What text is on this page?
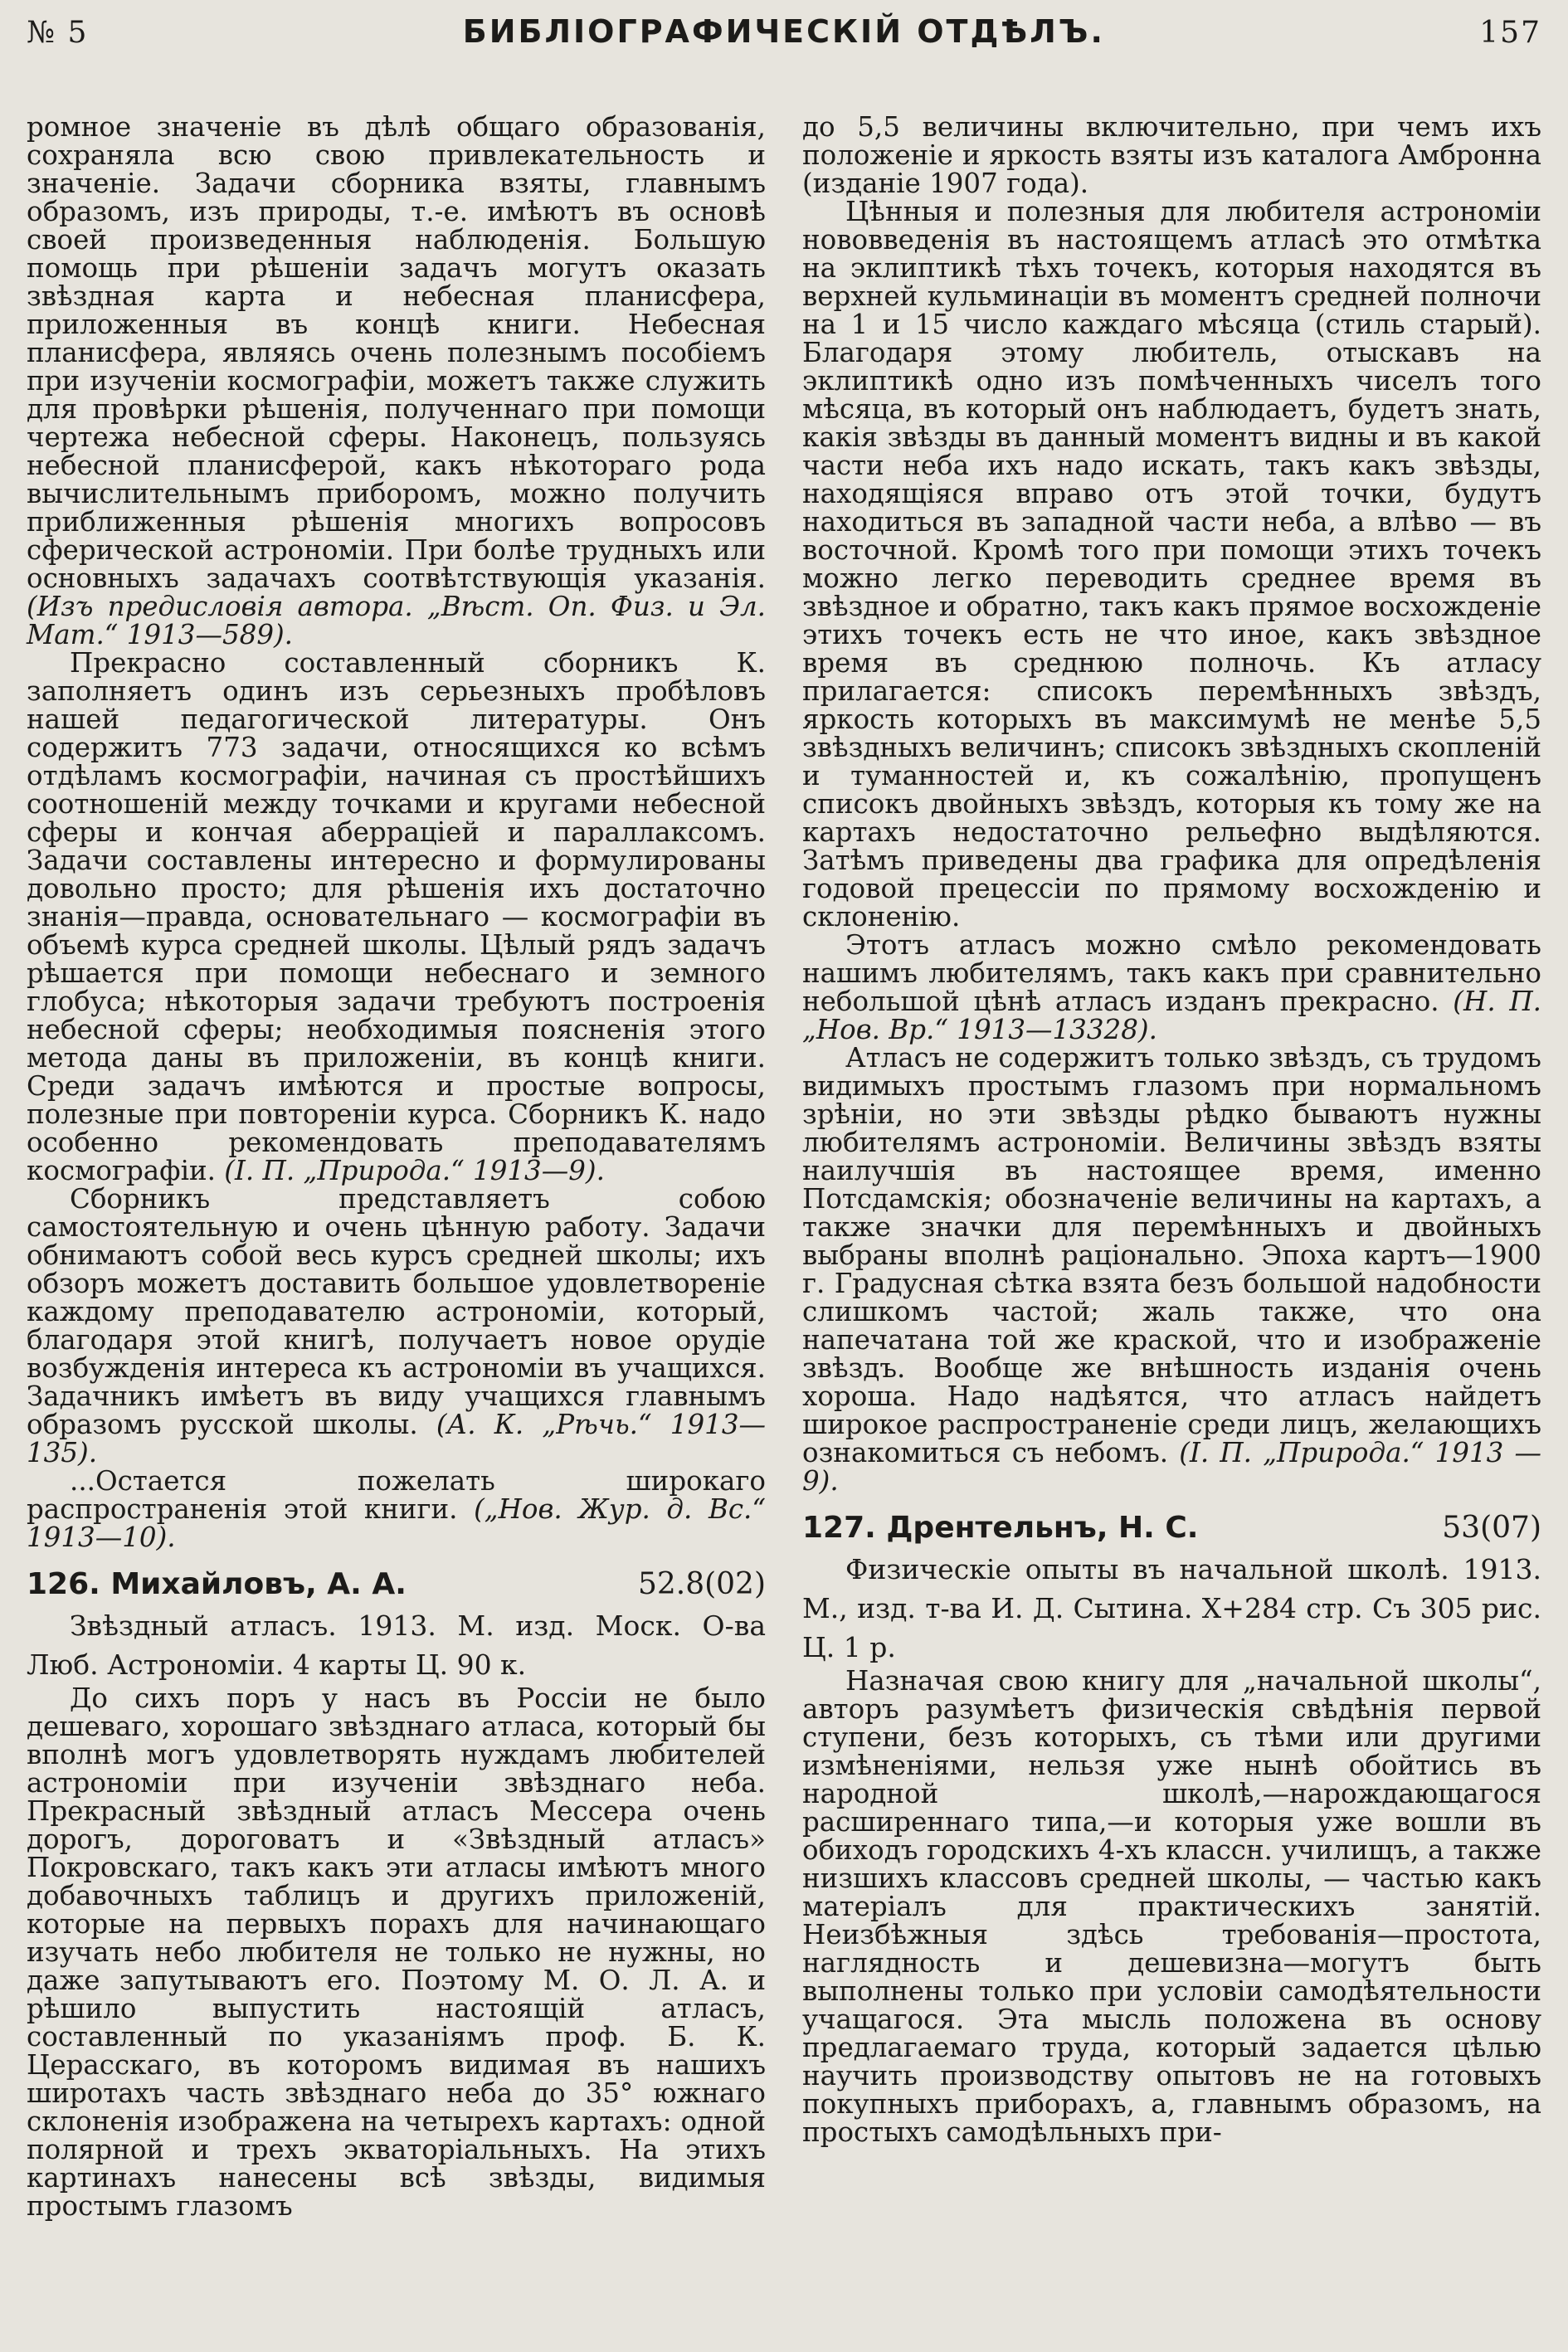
№ 5	БИБЛІОГРАФИЧЕСКІЙ ОТДѢЛЪ.	157

ромное значеніе въ дѣлѣ общаго образованія, сохраняла всю свою привлекательность и значеніе. Задачи сборника взяты, главнымъ образомъ, изъ природы, т.-е. имѣютъ въ основѣ своей произведенныя наблюденія. Большую помощь при рѣшеніи задачъ могутъ оказать звѣздная карта и небесная планисфера, приложенныя въ концѣ книги. Небесная планисфера, являясь очень полезнымъ пособіемъ при изученіи космографіи, можетъ также служить для провѣрки рѣшенія, полученнаго при помощи чертежа небесной сферы. Наконецъ, пользуясь небесной планисферой, какъ нѣкотораго рода вычислительнымъ приборомъ, можно получить приближенныя рѣшенія многихъ вопросовъ сферической астрономіи. При болѣе трудныхъ или основныхъ задачахъ соотвѣтствующія указанія. (Изъ предисловія автора. „Вѣст. Оп. Физ. и Эл. Мат.“ 1913—589).

Прекрасно составленный сборникъ К. заполняетъ одинъ изъ серьезныхъ пробѣловъ нашей педагогической литературы. Онъ содержитъ 773 задачи, относящихся ко всѣмъ отдѣламъ космографіи, начиная съ простѣйшихъ соотношеній между точками и кругами небесной сферы и кончая аберраціей и параллаксомъ. Задачи составлены интересно и формулированы довольно просто; для рѣшенія ихъ достаточно знанія—правда, основательнаго — космографіи въ объемѣ курса средней школы. Цѣлый рядъ задачъ рѣшается при помощи небеснаго и земного глобуса; нѣкоторыя задачи требуютъ построенія небесной сферы; необходимыя поясненія этого метода даны въ приложеніи, въ концѣ книги. Среди задачъ имѣются и простые вопросы, полезные при повтореніи курса. Сборникъ К. надо особенно рекомендовать преподавателямъ космографіи. (І. П. „Природа.“ 1913—9).

Сборникъ представляетъ собою самостоятельную и очень цѣнную работу. Задачи обнимаютъ собой весь курсъ средней школы; ихъ обзоръ можетъ доставить большое удовлетвореніе каждому преподавателю астрономіи, который, благодаря этой книгѣ, получаетъ новое орудіе возбужденія интереса къ астрономіи въ учащихся. Задачникъ имѣетъ въ виду учащихся главнымъ образомъ русской школы. (А. К. „Рѣчь.“ 1913—135).

...Остается пожелать широкаго распространенія этой книги. („Нов. Жур. д. Вс.“ 1913—10).

126. Михайловъ, А. А.	52.8(02)

Звѣздный атласъ. 1913. М. изд. Моск. О-ва Люб. Астрономіи. 4 карты Ц. 90 к.

До сихъ поръ у насъ въ Россіи не было дешеваго, хорошаго звѣзднаго атласа, который бы вполнѣ могъ удовлетворять нуждамъ любителей астрономіи при изученіи звѣзднаго неба. Прекрасный звѣздный атласъ Мессера очень дорогъ, дороговатъ и «Звѣздный атласъ» Покровскаго, такъ какъ эти атласы имѣютъ много добавочныхъ таблицъ и другихъ приложеній, которые на первыхъ порахъ для начинающаго изучать небо любителя не только не нужны, но даже запутываютъ его. Поэтому М. О. Л. А. и рѣшило выпустить настоящій атласъ, составленный по указаніямъ проф. Б. К. Церасскаго, въ которомъ видимая въ нашихъ широтахъ часть звѣзднаго неба до 35° южнаго склоненія изображена на четырехъ картахъ: одной полярной и трехъ экваторіальныхъ. На этихъ картинахъ нанесены всѣ звѣзды, видимыя простымъ глазомъ

до 5,5 величины включительно, при чемъ ихъ положеніе и яркость взяты изъ каталога Амбронна (изданіе 1907 года).

Цѣнныя и полезныя для любителя астрономіи нововведенія въ настоящемъ атласѣ это отмѣтка на эклиптикѣ тѣхъ точекъ, которыя находятся въ верхней кульминаціи въ моментъ средней полночи на 1 и 15 число каждаго мѣсяца (стиль старый). Благодаря этому любитель, отыскавъ на эклиптикѣ одно изъ помѣченныхъ чиселъ того мѣсяца, въ который онъ наблюдаетъ, будетъ знать, какія звѣзды въ данный моментъ видны и въ какой части неба ихъ надо искать, такъ какъ звѣзды, находящіяся вправо отъ этой точки, будутъ находиться въ западной части неба, а влѣво — въ восточной. Кромѣ того при помощи этихъ точекъ можно легко переводить среднее время въ звѣздное и обратно, такъ какъ прямое восхожденіе этихъ точекъ есть не что иное, какъ звѣздное время въ среднюю полночь. Къ атласу прилагается: списокъ перемѣнныхъ звѣздъ, яркость которыхъ въ максимумѣ не менѣе 5,5 звѣздныхъ величинъ; списокъ звѣздныхъ скопленій и туманностей и, къ сожалѣнію, пропущенъ списокъ двойныхъ звѣздъ, которыя къ тому же на картахъ недостаточно рельефно выдѣляются. Затѣмъ приведены два графика для опредѣленія годовой прецессіи по прямому восхожденію и склоненію.

Этотъ атласъ можно смѣло рекомендовать нашимъ любителямъ, такъ какъ при сравнительно небольшой цѣнѣ атласъ изданъ прекрасно. (Н. П. „Нов. Вр.“ 1913—13328).

Атласъ не содержитъ только звѣздъ, съ трудомъ видимыхъ простымъ глазомъ при нормальномъ зрѣніи, но эти звѣзды рѣдко бываютъ нужны любителямъ астрономіи. Величины звѣздъ взяты наилучшія въ настоящее время, именно Потсдамскія; обозначеніе величины на картахъ, а также значки для перемѣнныхъ и двойныхъ выбраны вполнѣ раціонально. Эпоха картъ—1900 г. Градусная сѣтка взята безъ большой надобности слишкомъ частой; жаль также, что она напечатана той же краской, что и изображеніе звѣздъ. Вообще же внѣшность изданія очень хороша. Надо надѣятся, что атласъ найдетъ широкое распространеніе среди лицъ, желающихъ ознакомиться съ небомъ. (І. П. „Природа.“ 1913 — 9).

127. Дрентельнъ, Н. С.	53(07)

Физическіе опыты въ начальной школѣ. 1913. М., изд. т-ва И. Д. Сытина. X+284 стр. Съ 305 рис. Ц. 1 р.

Назначая свою книгу для „начальной школы“, авторъ разумѣетъ физическія свѣдѣнія первой ступени, безъ которыхъ, съ тѣми или другими измѣненіями, нельзя уже нынѣ обойтись въ народной школѣ,—нарождающагося расширеннаго типа,—и которыя уже вошли въ обиходъ городскихъ 4-хъ классн. училищъ, а также низшихъ классовъ средней школы, — частью какъ матеріалъ для практическихъ занятій. Неизбѣжныя здѣсь требованія—простота, наглядность и дешевизна—могутъ быть выполнены только при условіи самодѣятельности учащагося. Эта мысль положена въ основу предлагаемаго труда, который задается цѣлью научить производству опытовъ не на готовыхъ покупныхъ приборахъ, а, главнымъ образомъ, на простыхъ самодѣльныхъ при-
